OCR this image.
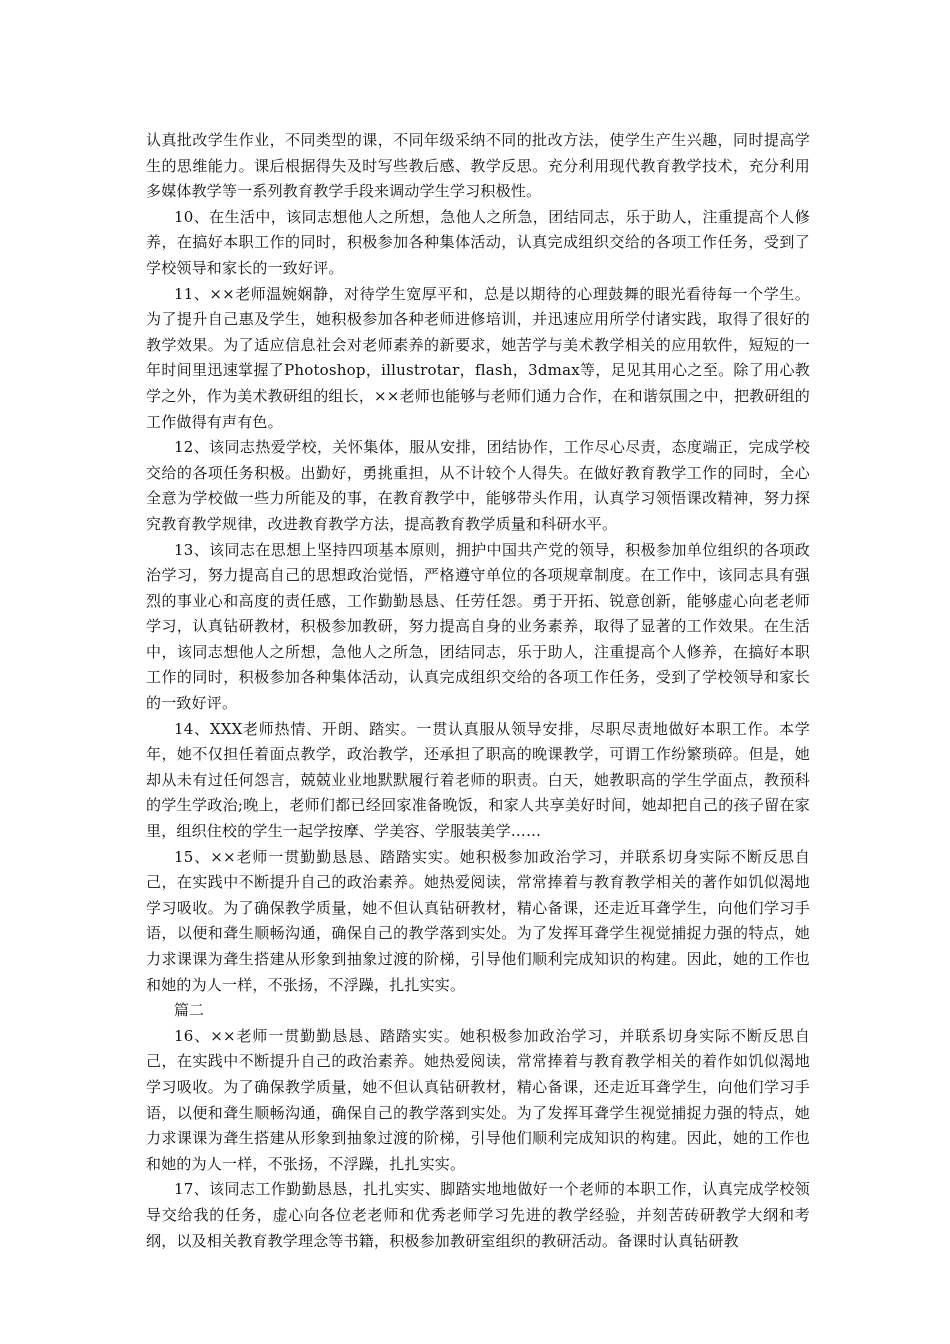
认真批改学生作业，不同类型的课，不同年级采纳不同的批改方法，使学生产生兴趣，同时提高学生的思维能力。课后根据得失及时写些教后感、教学反思。充分利用现代教育教学技术，充分利用多媒体教学等一系列教育教学手段来调动学生学习积极性。

10、在生活中，该同志想他人之所想，急他人之所急，团结同志，乐于助人，注重提高个人修养，在搞好本职工作的同时，积极参加各种集体活动，认真完成组织交给的各项工作任务，受到了学校领导和家长的一致好评。

11、××老师温婉娴静，对待学生宽厚平和，总是以期待的心理鼓舞的眼光看待每一个学生。为了提升自己惠及学生，她积极参加各种老师进修培训，并迅速应用所学付诸实践，取得了很好的教学效果。为了适应信息社会对老师素养的新要求，她苦学与美术教学相关的应用软件，短短的一年时间里迅速掌握了Photoshop，illustrotar，flash，3dmax等，足见其用心之至。除了用心教学之外，作为美术教研组的组长，××老师也能够与老师们通力合作，在和谐氛围之中，把教研组的工作做得有声有色。

12、该同志热爱学校，关怀集体，服从安排，团结协作，工作尽心尽责，态度端正，完成学校交给的各项任务积极。出勤好，勇挑重担，从不计较个人得失。在做好教育教学工作的同时，全心全意为学校做一些力所能及的事，在教育教学中，能够带头作用，认真学习领悟课改精神，努力探究教育教学规律，改进教育教学方法，提高教育教学质量和科研水平。

13、该同志在思想上坚持四项基本原则，拥护中国共产党的领导，积极参加单位组织的各项政治学习，努力提高自己的思想政治觉悟，严格遵守单位的各项规章制度。在工作中，该同志具有强烈的事业心和高度的责任感，工作勤勤恳恳、任劳任怨。勇于开拓、锐意创新，能够虚心向老老师学习，认真钻研教材，积极参加教研，努力提高自身的业务素养，取得了显著的工作效果。在生活中，该同志想他人之所想，急他人之所急，团结同志，乐于助人，注重提高个人修养，在搞好本职工作的同时，积极参加各种集体活动，认真完成组织交给的各项工作任务，受到了学校领导和家长的一致好评。

14、XXX老师热情、开朗、踏实。一贯认真服从领导安排，尽职尽责地做好本职工作。本学年，她不仅担任着面点教学，政治教学，还承担了职高的晚课教学，可谓工作纷繁琐碎。但是，她却从未有过任何怨言，兢兢业业地默默履行着老师的职责。白天，她教职高的学生学面点，教预科的学生学政治;晚上，老师们都已经回家准备晚饭，和家人共享美好时间，她却把自己的孩子留在家里，组织住校的学生一起学按摩、学美容、学服装美学……

15、××老师一贯勤勤恳恳、踏踏实实。她积极参加政治学习，并联系切身实际不断反思自己，在实践中不断提升自己的政治素养。她热爱阅读，常常捧着与教育教学相关的著作如饥似渴地学习吸收。为了确保教学质量，她不但认真钻研教材，精心备课，还走近耳聋学生，向他们学习手语，以便和聋生顺畅沟通，确保自己的教学落到实处。为了发挥耳聋学生视觉捕捉力强的特点，她力求课课为聋生搭建从形象到抽象过渡的阶梯，引导他们顺利完成知识的构建。因此，她的工作也和她的为人一样，不张扬，不浮躁，扎扎实实。

篇二

16、××老师一贯勤勤恳恳、踏踏实实。她积极参加政治学习，并联系切身实际不断反思自己，在实践中不断提升自己的政治素养。她热爱阅读，常常捧着与教育教学相关的着作如饥似渴地学习吸收。为了确保教学质量，她不但认真钻研教材，精心备课，还走近耳聋学生，向他们学习手语，以便和聋生顺畅沟通，确保自己的教学落到实处。为了发挥耳聋学生视觉捕捉力强的特点，她力求课课为聋生搭建从形象到抽象过渡的阶梯，引导他们顺利完成知识的构建。因此，她的工作也和她的为人一样，不张扬，不浮躁，扎扎实实。

17、该同志工作勤勤恳恳，扎扎实实、脚踏实地地做好一个老师的本职工作，认真完成学校领导交给我的任务，虚心向各位老老师和优秀老师学习先进的教学经验，并刻苦砖研教学大纲和考纲，以及相关教育教学理念等书籍，积极参加教研室组织的教研活动。备课时认真钻研教
